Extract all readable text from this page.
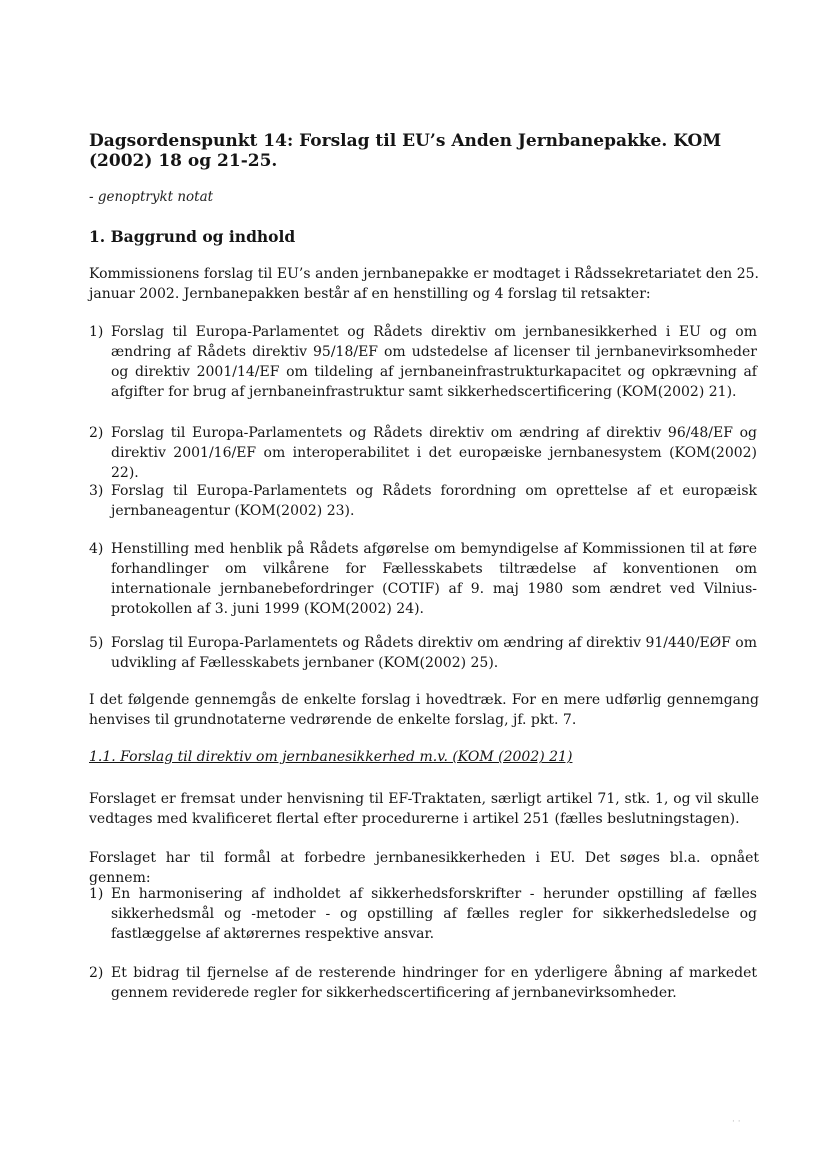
Dagsordenspunkt 14: Forslag til EU’s Anden Jernbanepakke. KOM (2002) 18 og 21-25.

- genoptrykt notat

1. Baggrund og indhold

Kommissionens forslag til EU’s anden jernbanepakke er modtaget i Rådssekretariatet den 25. januar 2002. Jernbanepakken består af en henstilling og 4 forslag til retsakter:

1) Forslag til Europa-Parlamentet og Rådets direktiv om jernbanesikkerhed i EU og om ændring af Rådets direktiv 95/18/EF om udstedelse af licenser til jernbanevirksomheder og direktiv 2001/14/EF om tildeling af jernbaneinfrastrukturkapacitet og opkrævning af afgifter for brug af jernbaneinfrastruktur samt sikkerhedscertificering (KOM(2002) 21).
2) Forslag til Europa-Parlamentets og Rådets direktiv om ændring af direktiv 96/48/EF og direktiv 2001/16/EF om interoperabilitet i det europæiske jernbanesystem (KOM(2002) 22).
3) Forslag til Europa-Parlamentets og Rådets forordning om oprettelse af et europæisk jernbaneagentur (KOM(2002) 23).
4) Henstilling med henblik på Rådets afgørelse om bemyndigelse af Kommissionen til at føre forhandlinger om vilkårene for Fællesskabets tiltrædelse af konventionen om internationale jernbanebefordringer (COTIF) af 9. maj 1980 som ændret ved Vilnius-protokollen af 3. juni 1999 (KOM(2002) 24).
5) Forslag til Europa-Parlamentets og Rådets direktiv om ændring af direktiv 91/440/EØF om udvikling af Fællesskabets jernbaner (KOM(2002) 25).

I det følgende gennemgås de enkelte forslag i hovedtræk. For en mere udførlig gennemgang henvises til grundnotaterne vedrørende de enkelte forslag, jf. pkt. 7.

1.1. Forslag til direktiv om jernbanesikkerhed m.v. (KOM (2002) 21)

Forslaget er fremsat under henvisning til EF-Traktaten, særligt artikel 71, stk. 1, og vil skulle vedtages med kvalificeret flertal efter procedurerne i artikel 251 (fælles beslutningstagen).

Forslaget har til formål at forbedre jernbanesikkerheden i EU. Det søges bl.a. opnået gennem:

1) En harmonisering af indholdet af sikkerhedsforskrifter - herunder opstilling af fælles sikkerhedsmål og -metoder - og opstilling af fælles regler for sikkerhedsledelse og fastlæggelse af aktørernes respektive ansvar.
2) Et bidrag til fjernelse af de resterende hindringer for en yderligere åbning af markedet gennem reviderede regler for sikkerhedscertificering af jernbanevirksomheder.
· ·
